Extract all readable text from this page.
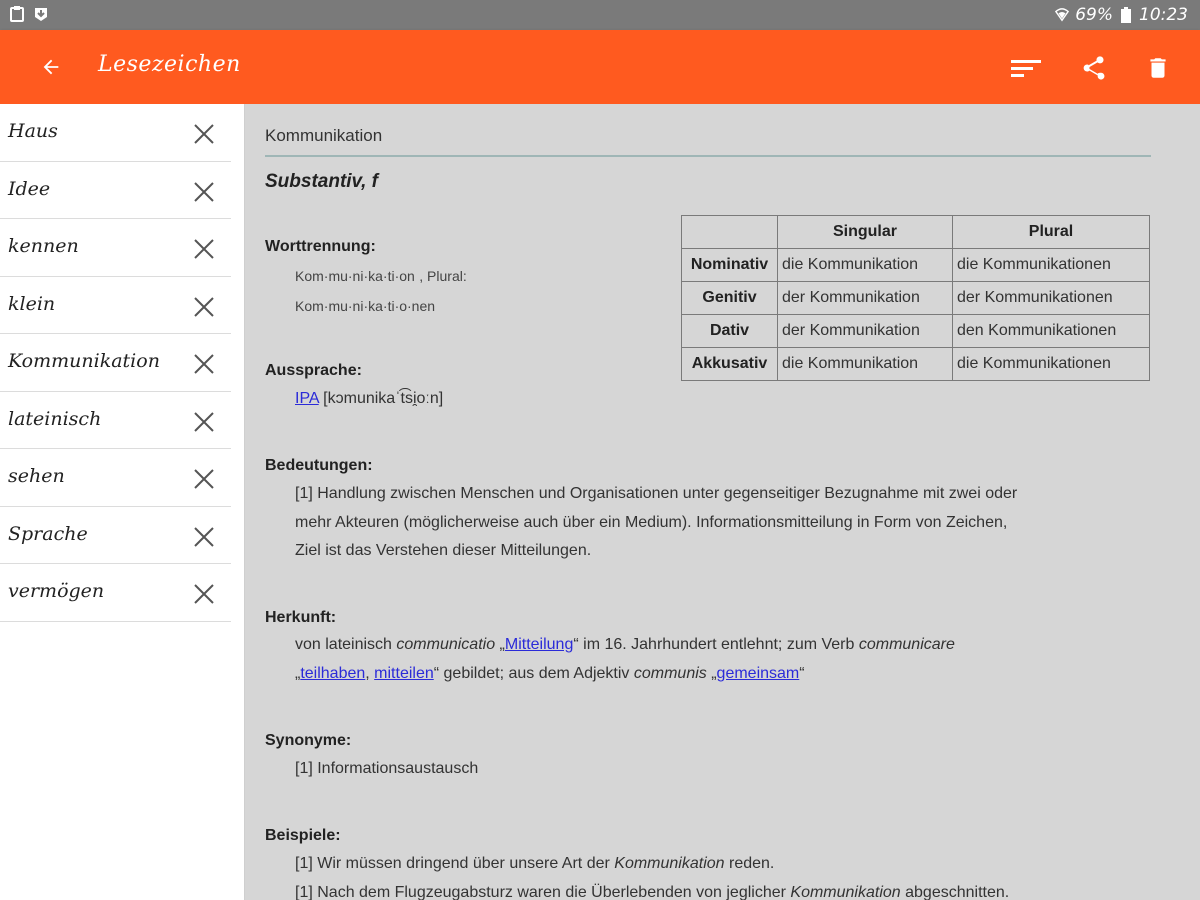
69% 10:23
Lesezeichen
Haus
Idee
kennen
klein
Kommunikation
lateinisch
sehen
Sprache
vermögen
Kommunikation
Substantiv, f
	Singular	Plural
Nominativ	die Kommunikation	die Kommunikationen
Genitiv	der Kommunikation	der Kommunikationen
Dativ	der Kommunikation	den Kommunikationen
Akkusativ	die Kommunikation	die Kommunikationen
Worttrennung:
Kom·mu·ni·ka·ti·on , Plural:
Kom·mu·ni·ka·ti·o·nen
Aussprache:
IPA [kɔmunikaˈt͡si̯oːn]
Bedeutungen:
[1] Handlung zwischen Menschen und Organisationen unter gegenseitiger Bezugnahme mit zwei oder
mehr Akteuren (möglicherweise auch über ein Medium). Informationsmitteilung in Form von Zeichen,
Ziel ist das Verstehen dieser Mitteilungen.
Herkunft:
von lateinisch communicatio „Mitteilung“ im 16. Jahrhundert entlehnt; zum Verb communicare
„teilhaben, mitteilen“ gebildet; aus dem Adjektiv communis „gemeinsam“
Synonyme:
[1] Informationsaustausch
Beispiele:
[1] Wir müssen dringend über unsere Art der Kommunikation reden.
[1] Nach dem Flugzeugabsturz waren die Überlebenden von jeglicher Kommunikation abgeschnitten.
